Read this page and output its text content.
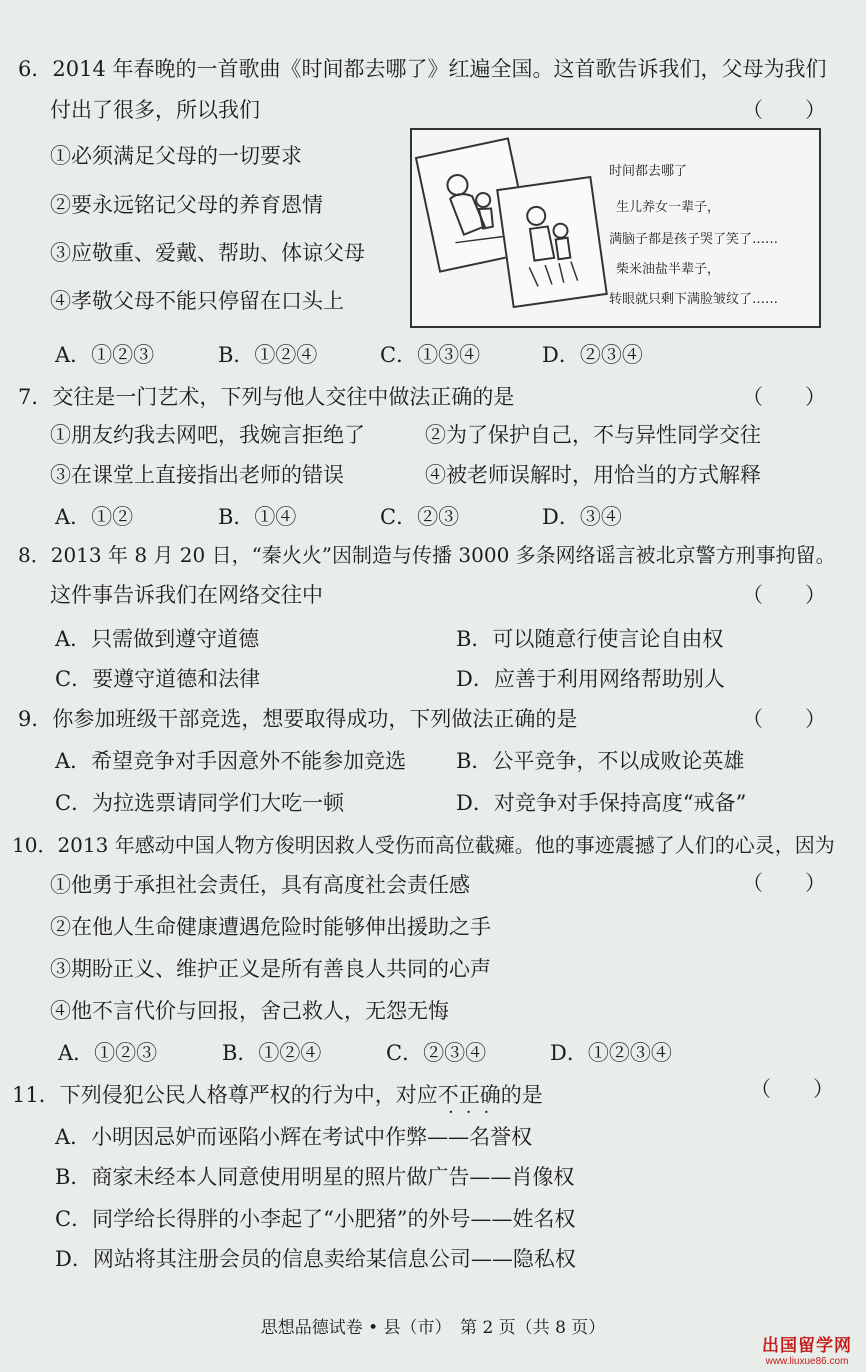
6．2014 年春晚的一首歌曲《时间都去哪了》红遍全国。这首歌告诉我们，父母为我们
付出了很多，所以我们	（　　）
①必须满足父母的一切要求
②要永远铭记父母的养育恩情
③应敬重、爱戴、帮助、体谅父母
④孝敬父母不能只停留在口头上
A．①②③	B．①②④	C．①③④	D．②③④
时间都去哪了
生儿养女一辈子，
满脑子都是孩子哭了笑了……
柴米油盐半辈子，
转眼就只剩下满脸皱纹了……
7．交往是一门艺术，下列与他人交往中做法正确的是	（　　）
①朋友约我去网吧，我婉言拒绝了	②为了保护自己，不与异性同学交往
③在课堂上直接指出老师的错误	④被老师误解时，用恰当的方式解释
A．①②	B．①④	C．②③	D．③④
8．2013 年 8 月 20 日，“秦火火”因制造与传播 3000 多条网络谣言被北京警方刑事拘留。
这件事告诉我们在网络交往中	（　　）
A．只需做到遵守道德	B．可以随意行使言论自由权
C．要遵守道德和法律	D．应善于利用网络帮助别人
9．你参加班级干部竞选，想要取得成功，下列做法正确的是	（　　）
A．希望竞争对手因意外不能参加竞选 B．公平竞争，不以成败论英雄
C．为拉选票请同学们大吃一顿	D．对竞争对手保持高度“戒备”
10．2013 年感动中国人物方俊明因救人受伤而高位截瘫。他的事迹震撼了人们的心灵，因为
（　　）
①他勇于承担社会责任，具有高度社会责任感
②在他人生命健康遭遇危险时能够伸出援助之手
③期盼正义、维护正义是所有善良人共同的心声
④他不言代价与回报，舍己救人，无怨无悔
A．①②③	B．①②④	C．②③④	D．①②③④
11．下列侵犯公民人格尊严权的行为中，对应不正确的是
···
（　　）
A．小明因忌妒而诬陷小辉在考试中作弊——名誉权
B．商家未经本人同意使用明星的照片做广告——肖像权
C．同学给长得胖的小李起了“小肥猪”的外号——姓名权
D．网站将其注册会员的信息卖给某信息公司——隐私权
思想品德试卷 • 县（市）　第 2 页（共 8 页）
出国留学网
www.liuxue86.com
